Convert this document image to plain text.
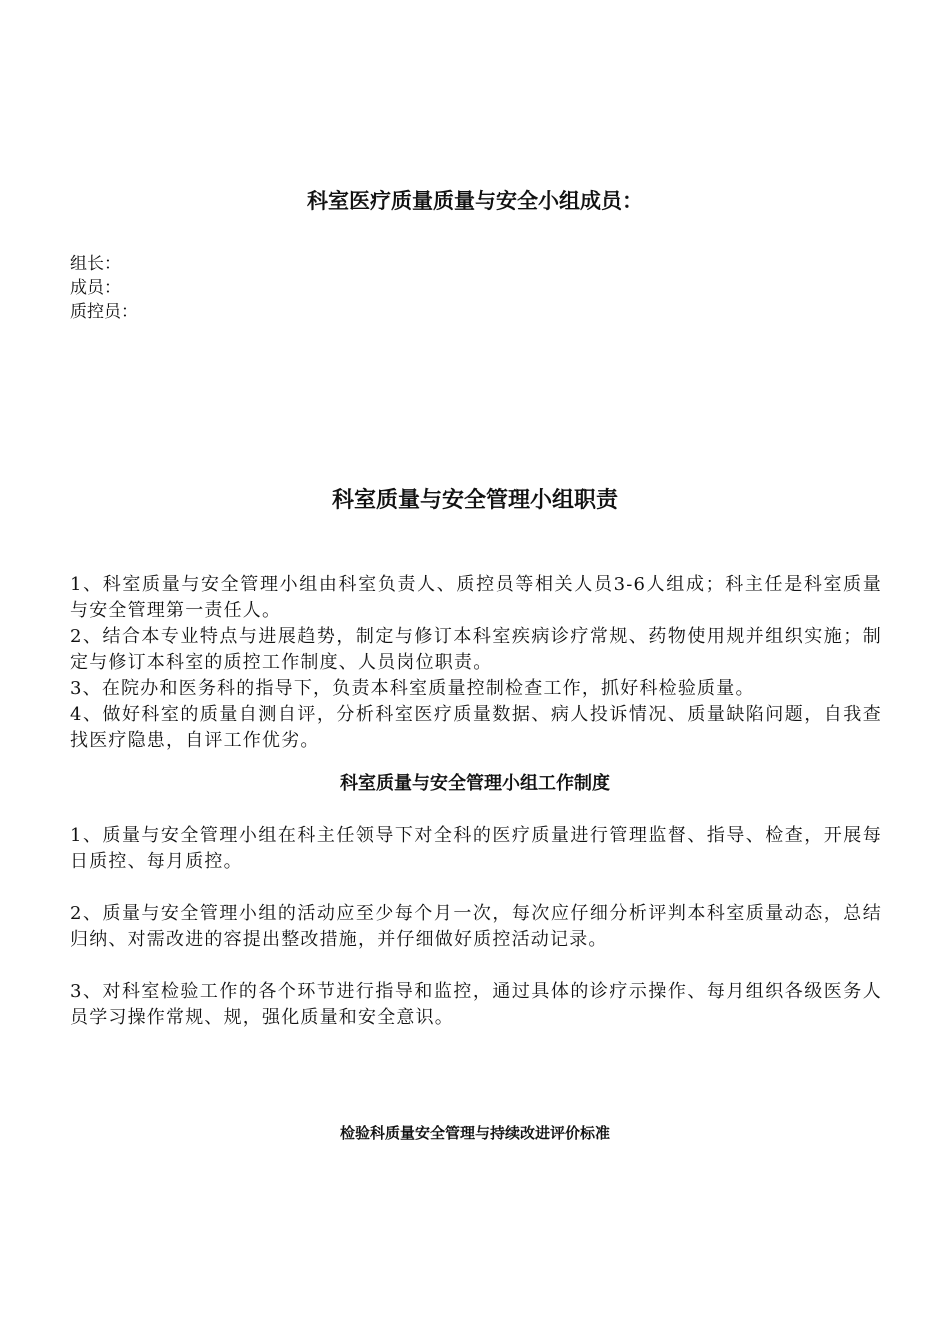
科室医疗质量质量与安全小组成员：
组长：
成员：
质控员：
科室质量与安全管理小组职责

1、科室质量与安全管理小组由科室负责人、质控员等相关人员3-6人组成；科主任是科室质量与安全管理第一责任人。

2、结合本专业特点与进展趋势，制定与修订本科室疾病诊疗常规、药物使用规并组织实施；制定与修订本科室的质控工作制度、人员岗位职责。

3、在院办和医务科的指导下，负责本科室质量控制检查工作，抓好科检验质量。

4、做好科室的质量自测自评，分析科室医疗质量数据、病人投诉情况、质量缺陷问题，自我查找医疗隐患，自评工作优劣。

科室质量与安全管理小组工作制度

1、质量与安全管理小组在科主任领导下对全科的医疗质量进行管理监督、指导、检查，开展每日质控、每月质控。

2、质量与安全管理小组的活动应至少每个月一次，每次应仔细分析评判本科室质量动态，总结归纳、对需改进的容提出整改措施，并仔细做好质控活动记录。

3、对科室检验工作的各个环节进行指导和监控，通过具体的诊疗示操作、每月组织各级医务人员学习操作常规、规，强化质量和安全意识。

检验科质量安全管理与持续改进评价标准
